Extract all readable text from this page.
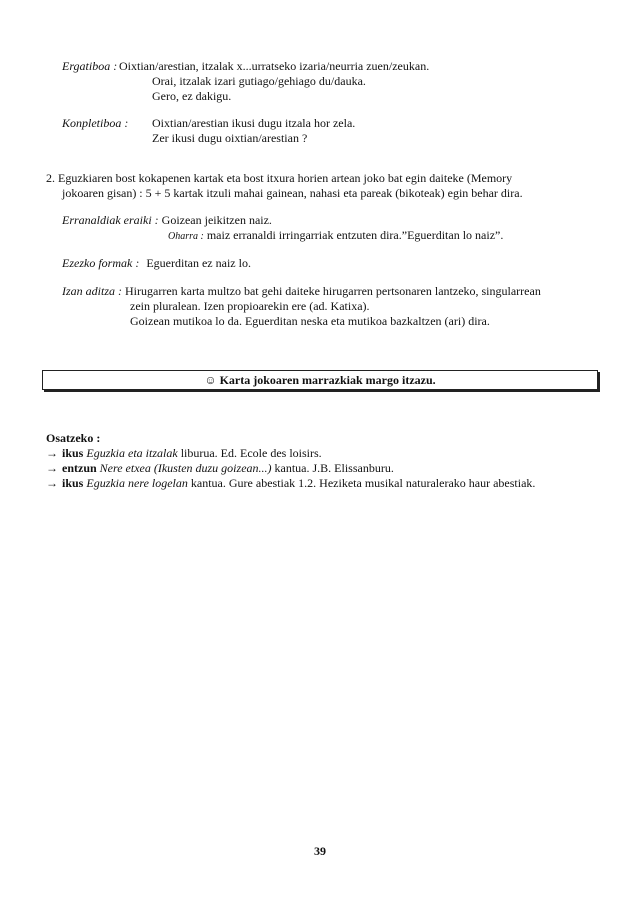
Ergatiboa : Oixtian/arestian, itzalak x...urratseko izaria/neurria zuen/zeukan.
Orai, itzalak izari gutiago/gehiago du/dauka.
Gero, ez dakigu.
Konpletiboa : Oixtian/arestian ikusi dugu itzala hor zela.
Zer ikusi dugu oixtian/arestian ?
2. Eguzkiaren bost kokapenen kartak eta bost itxura horien artean joko bat egin daiteke (Memory
jokoaren gisan) : 5 + 5 kartak itzuli mahai gainean, nahasi eta pareak (bikoteak) egin behar dira.
Erranaldiak eraiki : Goizean jeikitzen naiz.
Oharra : maiz erranaldi irringarriak entzuten dira.”Eguerditan lo naiz”.
Ezezko formak : Eguerditan ez naiz lo.
Izan aditza : Hirugarren karta multzo bat gehi daiteke hirugarren pertsonaren lantzeko, singularrean
zein pluralean. Izen propioarekin ere (ad. Katixa).
Goizean mutikoa lo da. Eguerditan neska eta mutikoa bazkaltzen (ari) dira.
☺ Karta jokoaren marrazkiak margo itzazu.
Osatzeko :
→ ikus Eguzkia eta itzalak liburua. Ed. Ecole des loisirs.
→ entzun Nere etxea (Ikusten duzu goizean...) kantua. J.B. Elissanburu.
→ ikus Eguzkia nere logelan kantua. Gure abestiak 1.2. Heziketa musikal naturalerako haur abestiak.
39
